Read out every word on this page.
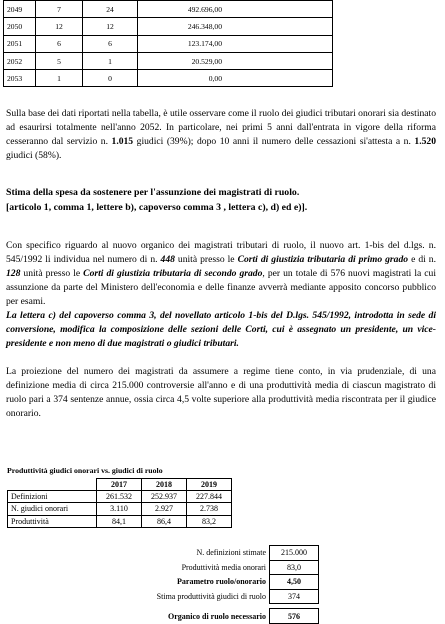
2049	7	24	492.696,00
2050	12	12	246.348,00
2051	6	6	123.174,00
2052	5	1	20.529,00
2053	1	0	0,00
Sulla base dei dati riportati nella tabella, è utile osservare come il ruolo dei giudici tributari onorari sia destinato ad esaurirsi totalmente nell'anno 2052. In particolare, nei primi 5 anni dall'entrata in vigore della riforma cesseranno dal servizio n. 1.015 giudici (39%); dopo 10 anni il numero delle cessazioni si'attesta a n. 1.520 giudici (58%).
Stima della spesa da sostenere per l'assunzione dei magistrati di ruolo.
[articolo 1, comma 1, lettere b), capoverso comma 3 , lettera c), d) ed e)].
Con specifico riguardo al nuovo organico dei magistrati tributari di ruolo, il nuovo art. 1-bis del d.lgs. n. 545/1992 li individua nel numero di n. 448 unità presso le Corti di giustizia tributaria di primo grado e di n. 128 unità presso le Corti di giustizia tributaria di secondo grado, per un totale di 576 nuovi magistrati la cui assunzione da parte del Ministero dell'economia e delle finanze avverrà mediante apposito concorso pubblico per esami.
La lettera c) del capoverso comma 3, del novellato articolo 1-bis del D.lgs. 545/1992, introdotta in sede di conversione, modifica la composizione delle sezioni delle Corti, cui è assegnato un presidente, un vice-presidente e non meno di due magistrati o giudici tributari.
La proiezione del numero dei magistrati da assumere a regime tiene conto, in via prudenziale, di una definizione media di circa 215.000 controversie all'anno e di una produttività media di ciascun magistrato di ruolo pari a 374 sentenze annue, ossia circa 4,5 volte superiore alla produttività media riscontrata per il giudice onorario.
Produttività giudici onorari vs. giudici di ruolo
	2017	2018	2019
Definizioni	261.532	252.937	227.844
N. giudici onorari	3.110	2.927	2.738
Produttività	84,1	86,4	83,2
N. definizioni stimate	215.000
Produttività media onorari	83,0
Parametro ruolo/onorario	4,50
Stima produttività giudici di ruolo	374

Organico di ruolo necessario	576
